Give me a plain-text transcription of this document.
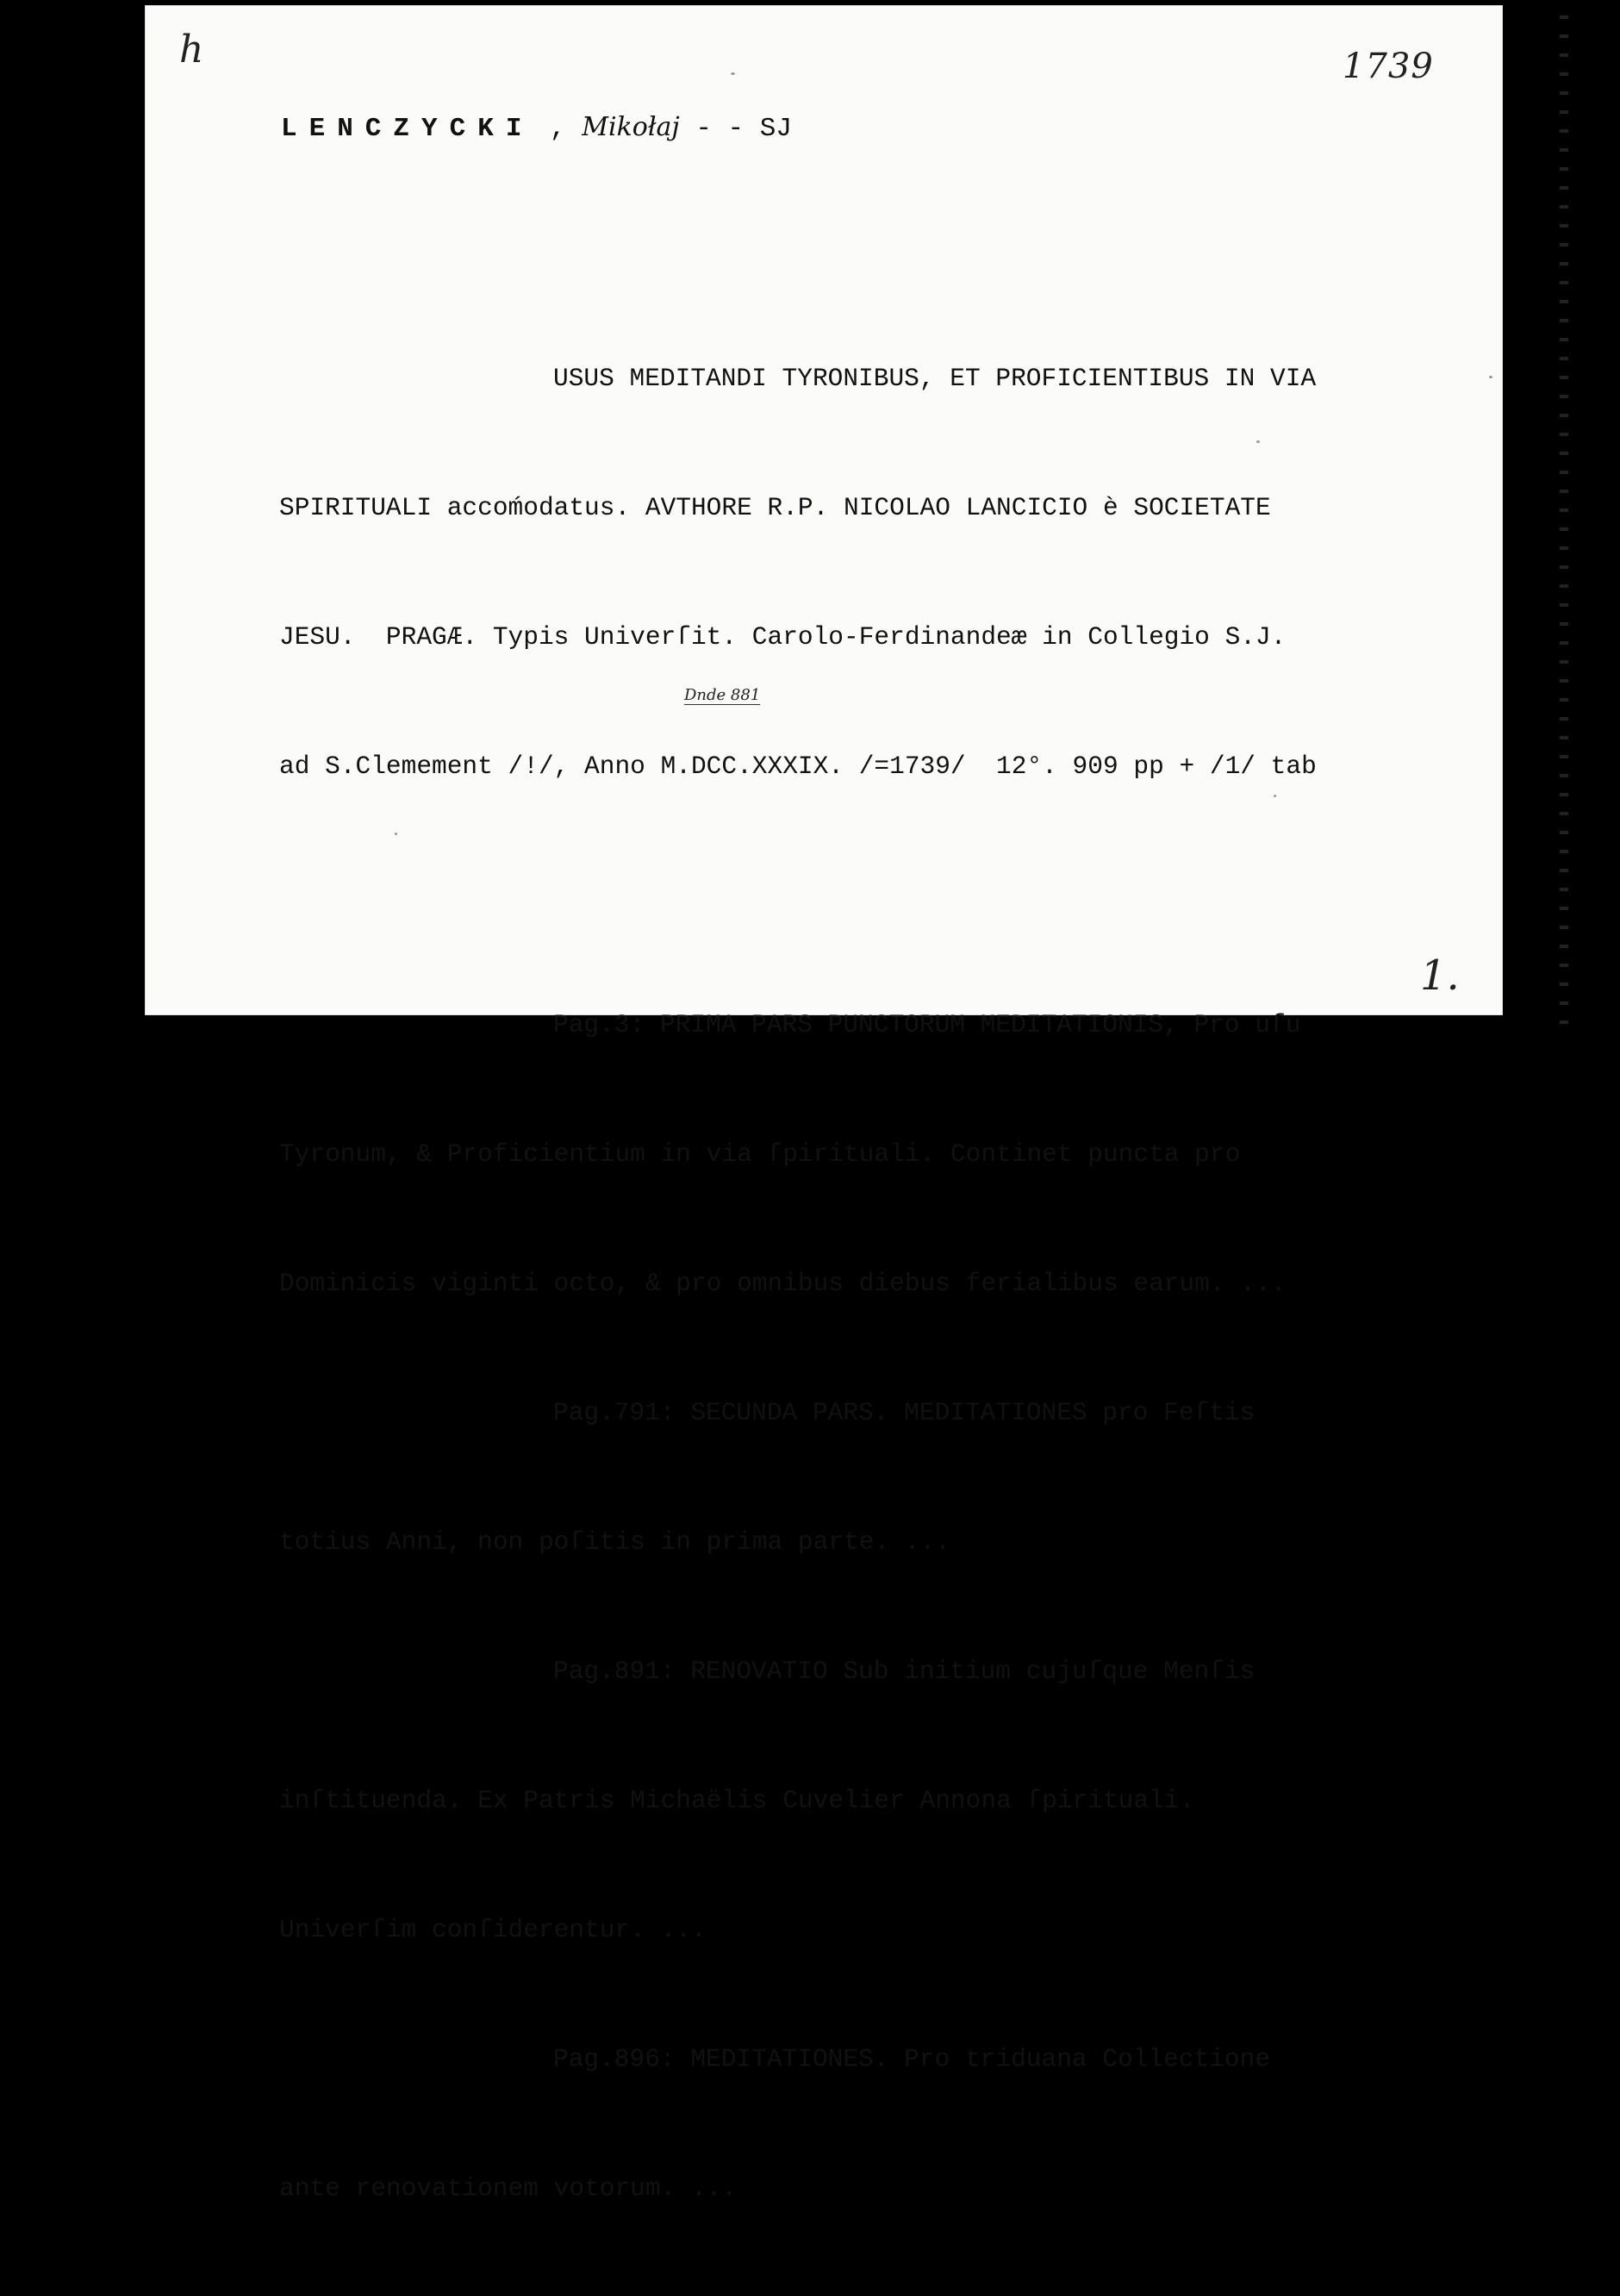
h	1739
LENCZYCKI , Mikołaj - - SJ

USUS MEDITANDI TYRONIBUS, ET PROFICIENTIBUS IN VIA

SPIRITUALI accoḿodatus. AVTHORE R.P. NICOLAO LANCICIO è SOCIETATE

JESU.  PRAGÆ. Typis Univerſit. Carolo-Ferdinandeæ in Collegio S.J.

ad S.Clemement /!/, Anno M.DCC.XXXIX. /=1739/  12°. 909 pp + /1/ tab

Pag.3: PRIMA PARS PUNCTORUM MEDITATIONIS, Pro uſu

Tyronum, & Proficientium in via ſpirituali. Continet puncta pro

Dominicis viginti octo, & pro omnibus diebus ferialibus earum. ...

Pag.791: SECUNDA PARS. MEDITATIONES pro Feſtis

totius Anni, non poſitis in prima parte. ...

Pag.891: RENOVATIO Sub initium cujuſque Menſis

inſtituenda. Ex Patris Michaëlis Cuvelier Annona ſpirituali.

Univerſim conſiderentur. ...

Pag.896: MEDITATIONES. Pro triduana Collectione

ante renovationem votorum. ...

Dnde 881
1.
